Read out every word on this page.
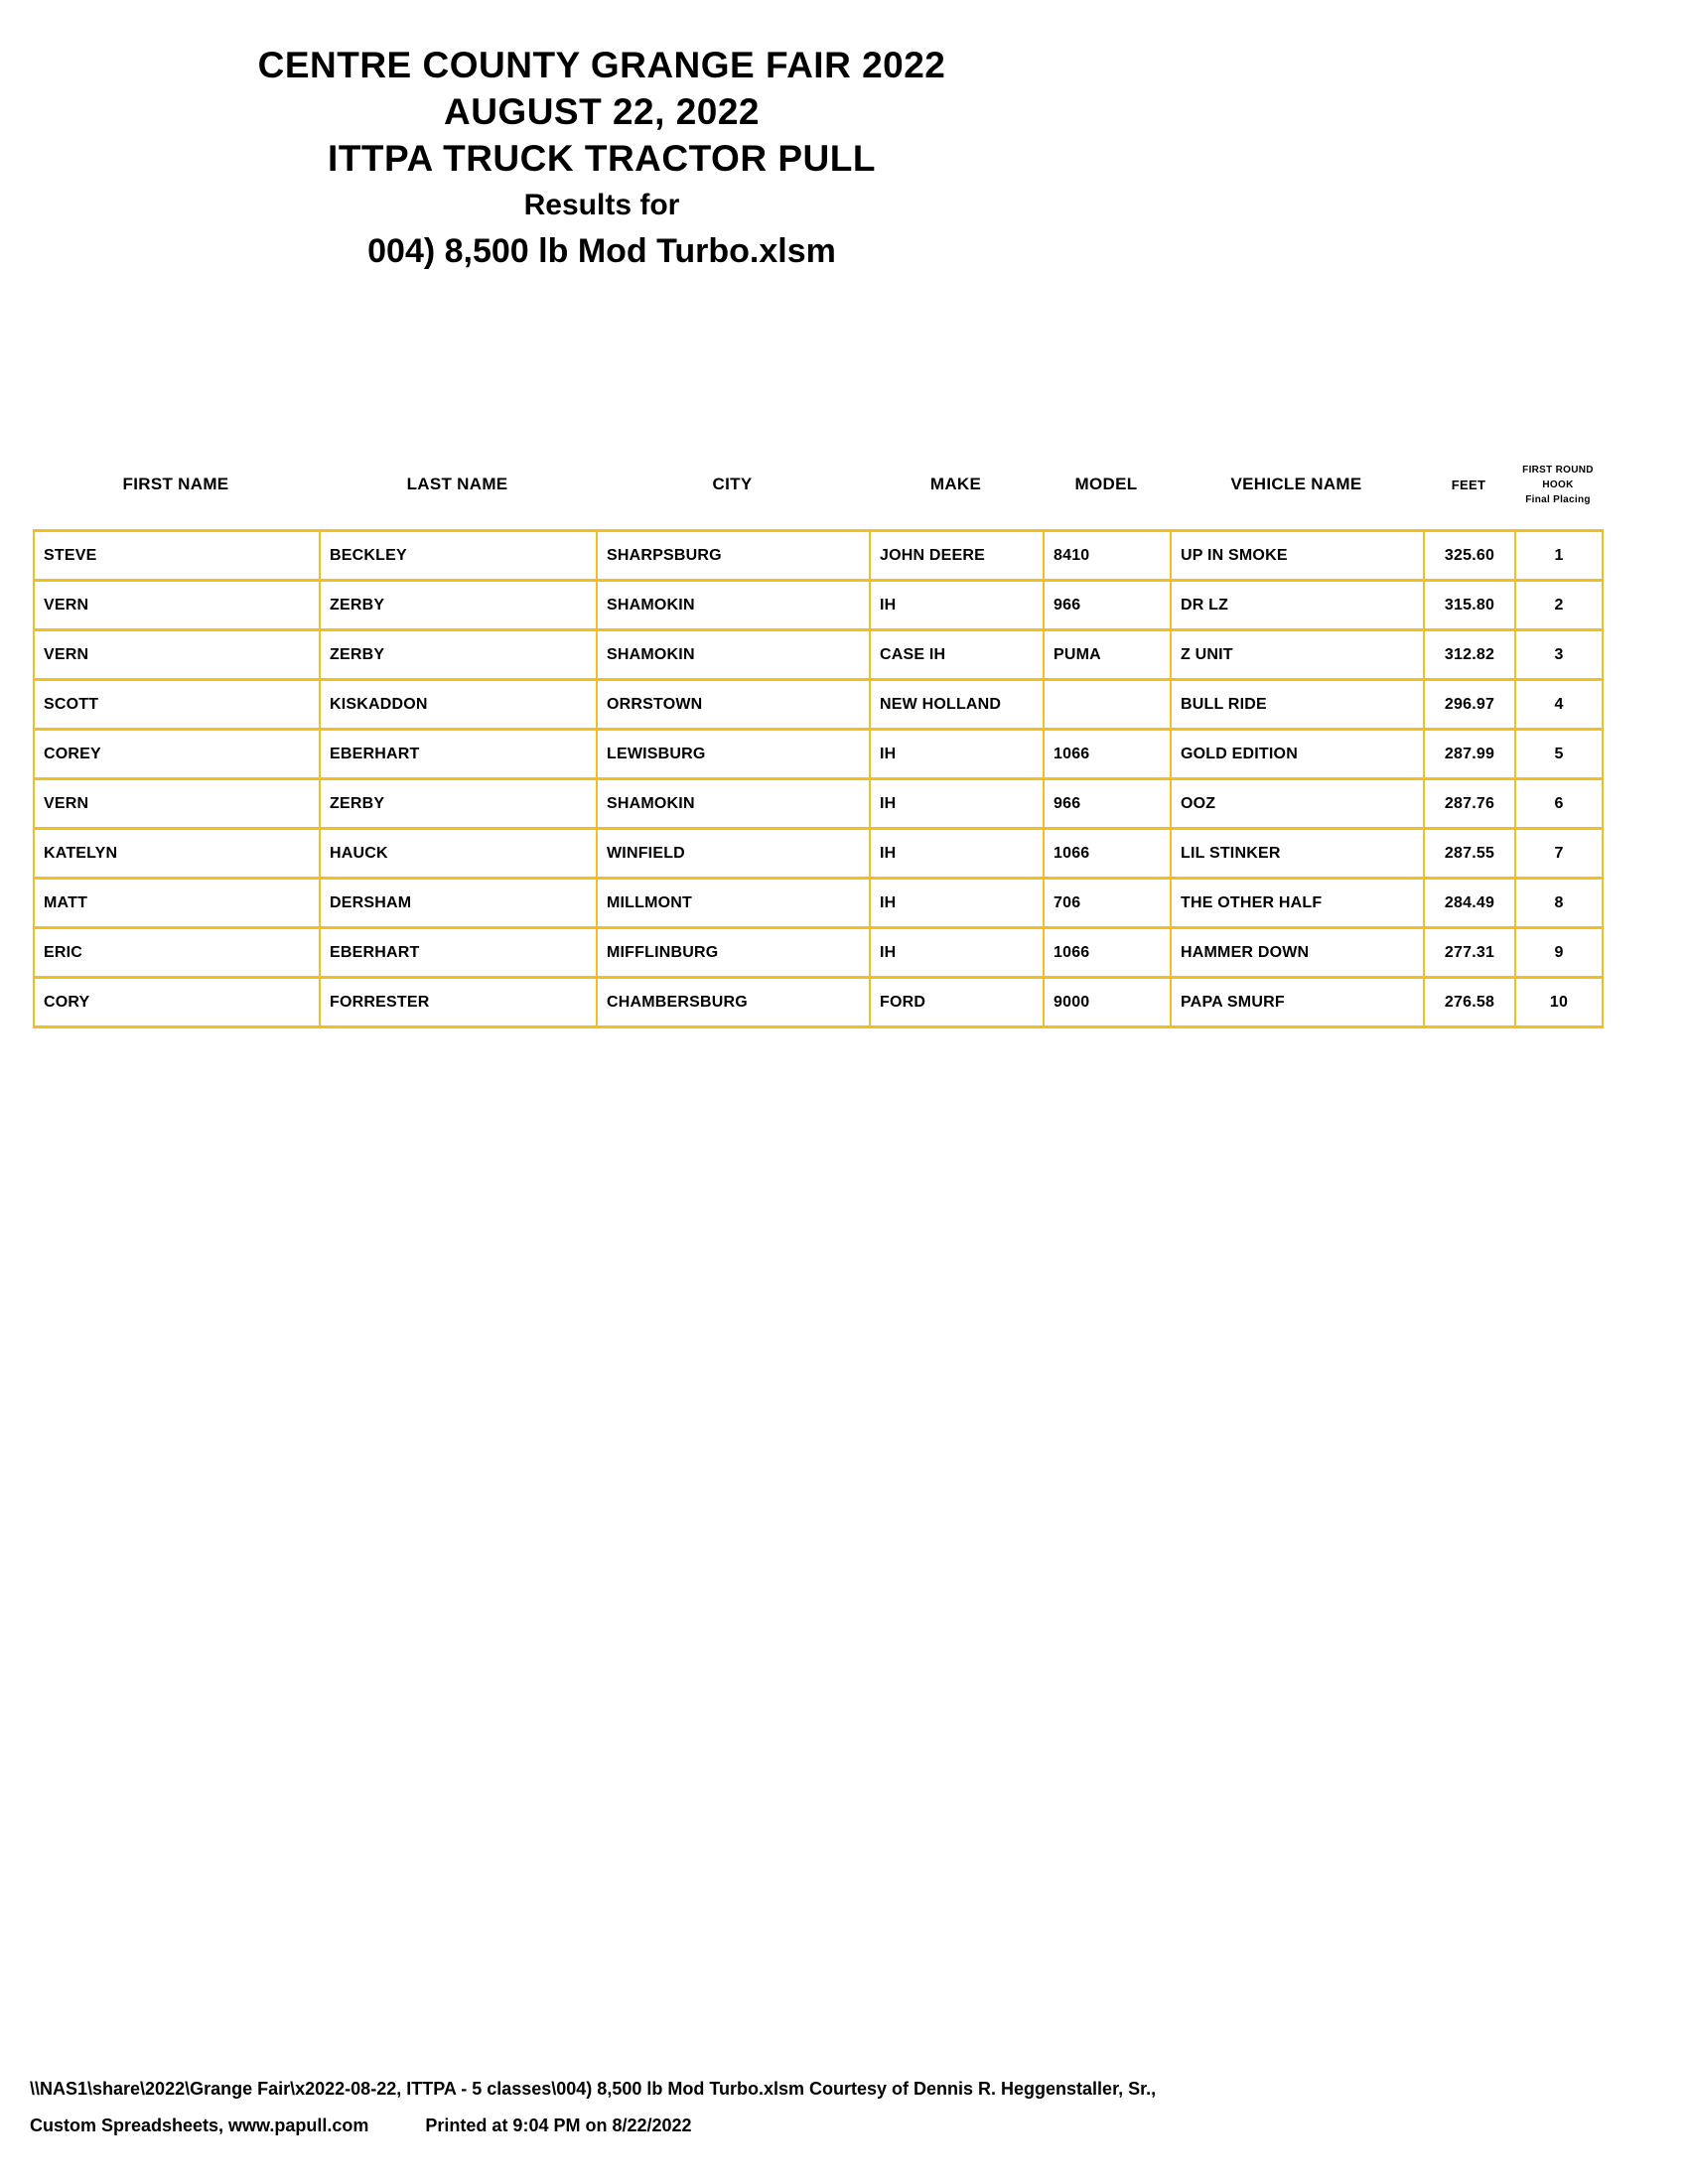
CENTRE COUNTY GRANGE FAIR 2022
AUGUST 22, 2022
ITTPA TRUCK TRACTOR PULL
Results for
004) 8,500 lb Mod Turbo.xlsm
FIRST NAME	LAST NAME	CITY	MAKE	MODEL	VEHICLE NAME	FEET
FIRST ROUND
HOOK
Final Placing
STEVE	BECKLEY	SHARPSBURG	JOHN DEERE	8410	UP IN SMOKE	325.60	1
VERN	ZERBY	SHAMOKIN	IH	966	DR LZ	315.80	2
VERN	ZERBY	SHAMOKIN	CASE IH	PUMA	Z UNIT	312.82	3
SCOTT	KISKADDON	ORRSTOWN	NEW HOLLAND		BULL RIDE	296.97	4
COREY	EBERHART	LEWISBURG	IH	1066	GOLD EDITION	287.99	5
VERN	ZERBY	SHAMOKIN	IH	966	OOZ	287.76	6
KATELYN	HAUCK	WINFIELD	IH	1066	LIL STINKER	287.55	7
MATT	DERSHAM	MILLMONT	IH	706	THE OTHER HALF	284.49	8
ERIC	EBERHART	MIFFLINBURG	IH	1066	HAMMER DOWN	277.31	9
CORY	FORRESTER	CHAMBERSBURG	FORD	9000	PAPA SMURF	276.58	10
\\NAS1\share\2022\Grange Fair\x2022-08-22, ITTPA - 5 classes\004) 8,500 lb Mod Turbo.xlsm Courtesy of Dennis R. Heggenstaller, Sr.,
Custom Spreadsheets, www.papull.com	Printed at 9:04 PM on 8/22/2022
